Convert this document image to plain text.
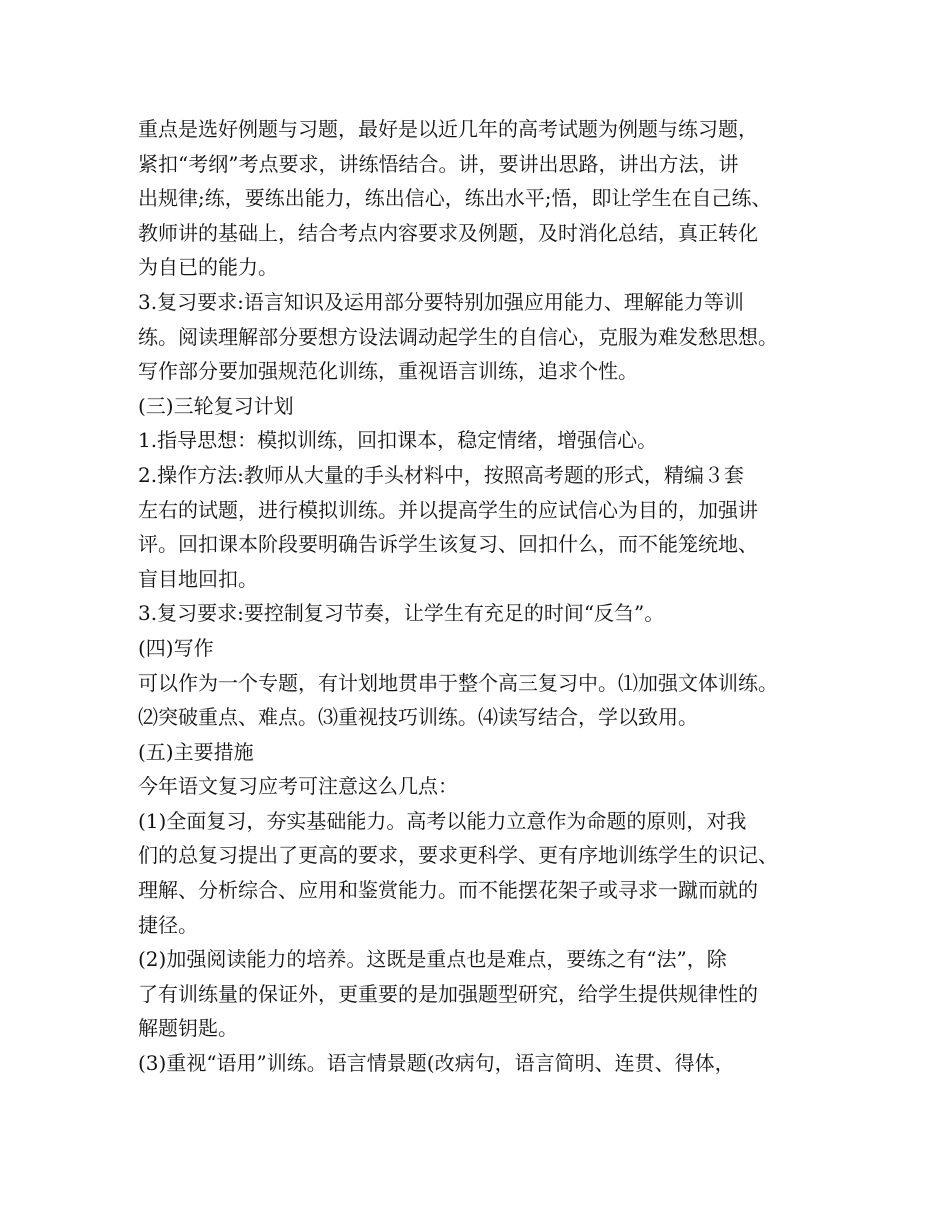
重点是选好例题与习题，最好是以近几年的高考试题为例题与练习题，
紧扣“考纲”考点要求，讲练悟结合。讲，要讲出思路，讲出方法，讲
出规律;练，要练出能力，练出信心，练出水平;悟，即让学生在自己练、
教师讲的基础上，结合考点内容要求及例题，及时消化总结，真正转化
为自已的能力。
3.复习要求:语言知识及运用部分要特别加强应用能力、理解能力等训
练。阅读理解部分要想方设法调动起学生的自信心，克服为难发愁思想。
写作部分要加强规范化训练，重视语言训练，追求个性。
(三)三轮复习计划
1.指导思想：模拟训练，回扣课本，稳定情绪，增强信心。
2.操作方法:教师从大量的手头材料中，按照高考题的形式，精编３套
左右的试题，进行模拟训练。并以提高学生的应试信心为目的，加强讲
评。回扣课本阶段要明确告诉学生该复习、回扣什么，而不能笼统地、
盲目地回扣。
3.复习要求:要控制复习节奏，让学生有充足的时间“反刍”。
(四)写作
可以作为一个专题，有计划地贯串于整个高三复习中。⑴加强文体训练。
⑵突破重点、难点。⑶重视技巧训练。⑷读写结合，学以致用。
(五)主要措施
今年语文复习应考可注意这么几点：
(1)全面复习，夯实基础能力。高考以能力立意作为命题的原则，对我
们的总复习提出了更高的要求，要求更科学、更有序地训练学生的识记、
理解、分析综合、应用和鉴赏能力。而不能摆花架子或寻求一蹴而就的
捷径。
(2)加强阅读能力的培养。这既是重点也是难点，要练之有“法”，除
了有训练量的保证外，更重要的是加强题型研究，给学生提供规律性的
解题钥匙。
(3)重视“语用”训练。语言情景题(改病句，语言简明、连贯、得体，
